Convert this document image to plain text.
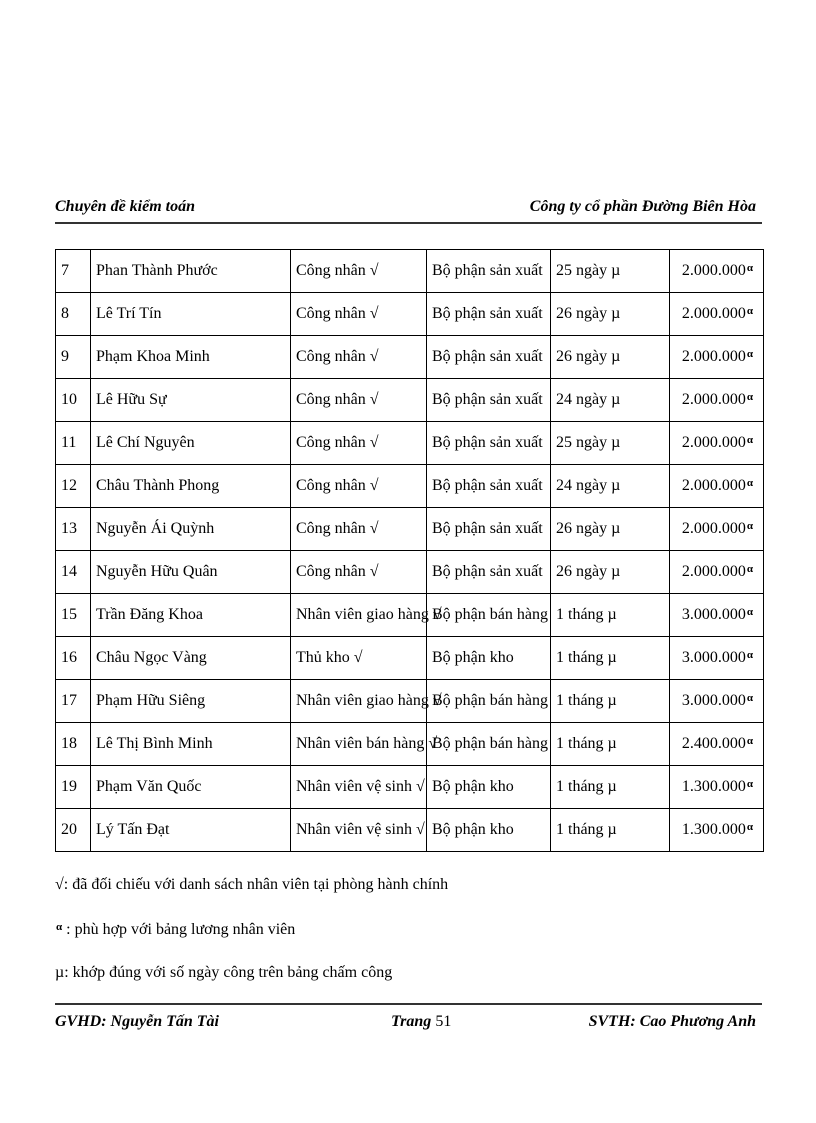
Chuyên đề kiểm toán	Công ty cổ phần Đường Biên Hòa
7	Phan Thành Phước	Công nhân √	Bộ phận sản xuất	25 ngày µ	$2.000.000^\alpha$
8	Lê Trí Tín	Công nhân √	Bộ phận sản xuất	26 ngày µ	$2.000.000^\alpha$
9	Phạm Khoa Minh	Công nhân √	Bộ phận sản xuất	26 ngày µ	$2.000.000^\alpha$
10	Lê Hữu Sự	Công nhân √	Bộ phận sản xuất	24 ngày µ	$2.000.000^\alpha$
11	Lê Chí Nguyên	Công nhân √	Bộ phận sản xuất	25 ngày µ	$2.000.000^\alpha$
12	Châu Thành Phong	Công nhân √	Bộ phận sản xuất	24 ngày µ	$2.000.000^\alpha$
13	Nguyễn Ái Quỳnh	Công nhân √	Bộ phận sản xuất	26 ngày µ	$2.000.000^\alpha$
14	Nguyễn Hữu Quân	Công nhân √	Bộ phận sản xuất	26 ngày µ	$2.000.000^\alpha$
15	Trần Đăng Khoa	Nhân viên giao hàng √	Bộ phận bán hàng	1 tháng µ	$3.000.000^\alpha$
16	Châu Ngọc Vàng	Thủ kho √	Bộ phận kho	1 tháng µ	$3.000.000^\alpha$
17	Phạm Hữu Siêng	Nhân viên giao hàng √	Bộ phận bán hàng	1 tháng µ	$3.000.000^\alpha$
18	Lê Thị Bình Minh	Nhân viên bán hàng √	Bộ phận bán hàng	1 tháng µ	$2.400.000^\alpha$
19	Phạm Văn Quốc	Nhân viên vệ sinh √	Bộ phận kho	1 tháng µ	$1.300.000^\alpha$
20	Lý Tấn Đạt	Nhân viên vệ sinh √	Bộ phận kho	1 tháng µ	$1.300.000^\alpha$
√: đã đối chiếu với danh sách nhân viên tại phòng hành chính
$^\alpha$ : phù hợp với bảng lương nhân viên
µ: khớp đúng với số ngày công trên bảng chấm công
GVHD: Nguyễn Tấn Tài	Trang 51	SVTH: Cao Phương Anh
